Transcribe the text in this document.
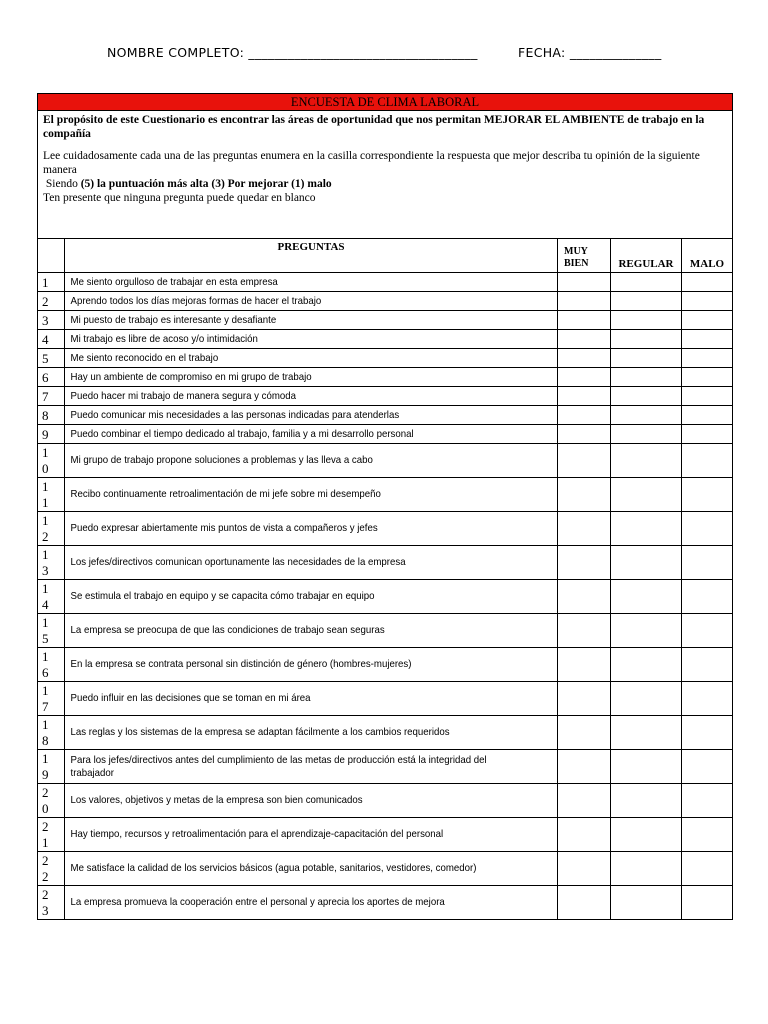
NOMBRE COMPLETO: ___________________________________	FECHA: ______________
ENCUESTA DE CLIMA LABORAL				

El propósito de este Cuestionario es encontrar las áreas de oportunidad que nos permitan MEJORAR EL AMBIENTE de trabajo en la compañía

Lee cuidadosamente cada una de las preguntas enumera en la casilla correspondiente la respuesta que mejor describa tu opinión de la siguiente manera

Siendo (5) la puntuación más alta (3) Por mejorar (1) malo

Ten presente que ninguna pregunta puede quedar en blanco				

	PREGUNTAS	MUY BIEN	REGULAR	MALO
1	Me siento orgulloso de trabajar en esta empresa			

2	Aprendo todos los días mejoras formas de hacer el trabajo			

3	Mi puesto de trabajo es interesante y desafiante			

4	Mi trabajo es libre de acoso y/o intimidación			

5	Me siento reconocido en el trabajo			

6	Hay un ambiente de compromiso en mi grupo de trabajo			

7	Puedo hacer mi trabajo de manera segura y cómoda			

8	Puedo comunicar mis necesidades a las personas indicadas para atenderlas			

9	Puedo combinar el tiempo dedicado al trabajo, familia y a mi desarrollo personal			

10	Mi grupo de trabajo propone soluciones a problemas y las lleva a cabo			

11	Recibo continuamente retroalimentación de mi jefe sobre mi desempeño			

12	Puedo expresar abiertamente mis puntos de vista a compañeros y jefes			

13	Los jefes/directivos comunican oportunamente las necesidades de la empresa			

14	Se estimula el trabajo en equipo y se capacita cómo trabajar en equipo			

15	La empresa se preocupa de que las condiciones de trabajo sean seguras			

16	En la empresa se contrata personal sin distinción de género (hombres-mujeres)			

17	Puedo influir en las decisiones que se toman en mi área			

18	Las reglas y los sistemas de la empresa se adaptan fácilmente a los cambios requeridos			

19	Para los jefes/directivos antes del cumplimiento de las metas de producción está la integridad del trabajador			

20	Los valores, objetivos y metas de la empresa son bien comunicados			

21	Hay tiempo, recursos y retroalimentación para el aprendizaje-capacitación del personal			

22	Me satisface la calidad de los servicios básicos (agua potable, sanitarios, vestidores, comedor)			

23	La empresa promueva la cooperación entre el personal y aprecia los aportes de mejora			
